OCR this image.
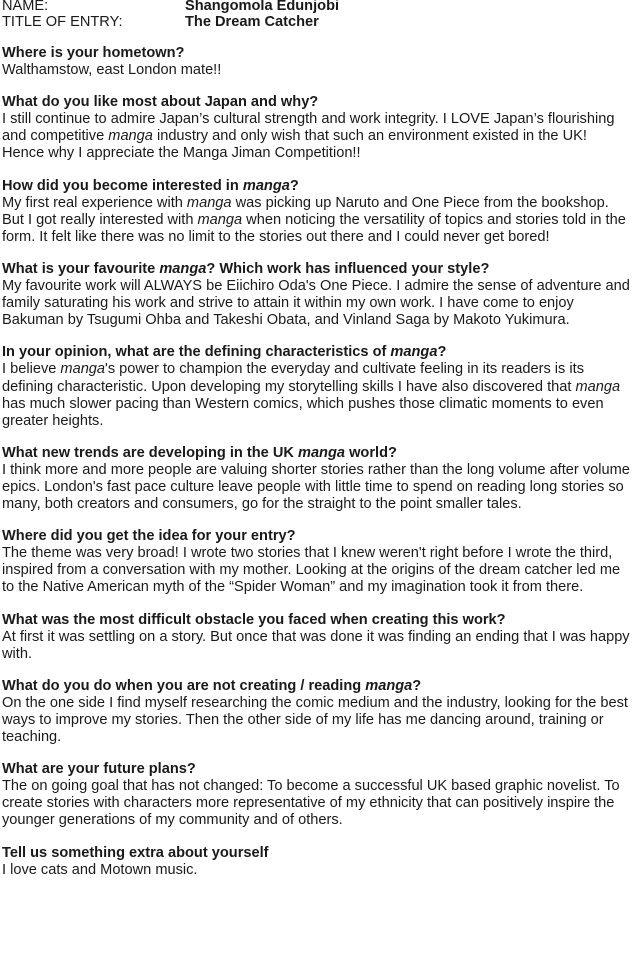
NAME:	Shangomola Edunjobi
TITLE OF ENTRY:	The Dream Catcher
Where is your hometown?

Walthamstow, east London mate!!

What do you like most about Japan and why?

I still continue to admire Japan’s cultural strength and work integrity. I LOVE Japan’s flourishing and competitive manga industry and only wish that such an environment existed in the UK! Hence why I appreciate the Manga Jiman Competition!!

How did you become interested in manga?

My first real experience with manga was picking up Naruto and One Piece from the bookshop. But I got really interested with manga when noticing the versatility of topics and stories told in the form. It felt like there was no limit to the stories out there and I could never get bored!

What is your favourite manga? Which work has influenced your style?

My favourite work will ALWAYS be Eiichiro Oda's One Piece. I admire the sense of adventure and family saturating his work and strive to attain it within my own work. I have come to enjoy Bakuman by Tsugumi Ohba and Takeshi Obata, and Vinland Saga by Makoto Yukimura.

In your opinion, what are the defining characteristics of manga?

I believe manga's power to champion the everyday and cultivate feeling in its readers is its defining characteristic. Upon developing my storytelling skills I have also discovered that manga has much slower pacing than Western comics, which pushes those climatic moments to even greater heights.

What new trends are developing in the UK manga world?

I think more and more people are valuing shorter stories rather than the long volume after volume epics. London's fast pace culture leave people with little time to spend on reading long stories so many, both creators and consumers, go for the straight to the point smaller tales.

Where did you get the idea for your entry?

The theme was very broad! I wrote two stories that I knew weren't right before I wrote the third, inspired from a conversation with my mother. Looking at the origins of the dream catcher led me to the Native American myth of the “Spider Woman” and my imagination took it from there.

What was the most difficult obstacle you faced when creating this work?

At first it was settling on a story. But once that was done it was finding an ending that I was happy with.

What do you do when you are not creating / reading manga?

On the one side I find myself researching the comic medium and the industry, looking for the best ways to improve my stories. Then the other side of my life has me dancing around, training or teaching.

What are your future plans?

The on going goal that has not changed: To become a successful UK based graphic novelist. To create stories with characters more representative of my ethnicity that can positively inspire the younger generations of my community and of others.

Tell us something extra about yourself

I love cats and Motown music.
